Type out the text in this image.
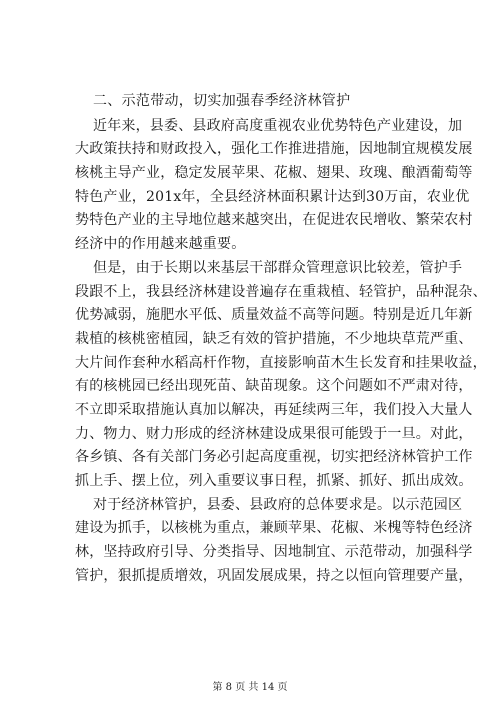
二、示范带动，切实加强春季经济林管护
近年来，县委、县政府高度重视农业优势特色产业建设，加
大政策扶持和财政投入，强化工作推进措施，因地制宜规模发展
核桃主导产业，稳定发展苹果、花椒、翅果、玫瑰、酿酒葡萄等
特色产业，201x年，全县经济林面积累计达到30万亩，农业优
势特色产业的主导地位越来越突出，在促进农民增收、繁荣农村
经济中的作用越来越重要。
但是，由于长期以来基层干部群众管理意识比较差，管护手
段跟不上，我县经济林建设普遍存在重栽植、轻管护，品种混杂、
优势减弱，施肥水平低、质量效益不高等问题。特别是近几年新
栽植的核桃密植园，缺乏有效的管护措施，不少地块草荒严重、
大片间作套种水稻高杆作物，直接影响苗木生长发育和挂果收益，
有的核桃园已经出现死苗、缺苗现象。这个问题如不严肃对待，
不立即采取措施认真加以解决，再延续两三年，我们投入大量人
力、物力、财力形成的经济林建设成果很可能毁于一旦。对此，
各乡镇、各有关部门务必引起高度重视，切实把经济林管护工作
抓上手、摆上位，列入重要议事日程，抓紧、抓好、抓出成效。
对于经济林管护，县委、县政府的总体要求是。以示范园区
建设为抓手，以核桃为重点，兼顾苹果、花椒、米槐等特色经济
林，坚持政府引导、分类指导、因地制宜、示范带动，加强科学
管护，狠抓提质增效，巩固发展成果，持之以恒向管理要产量，
第 8 页 共 14 页
